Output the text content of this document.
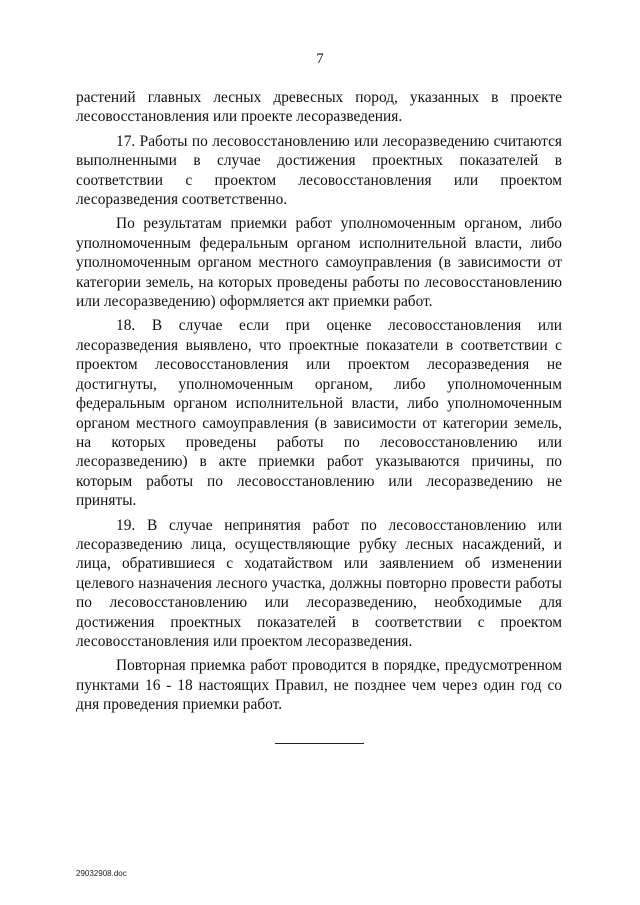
7

растений главных лесных древесных пород, указанных в проекте лесовосстановления или проекте лесоразведения.

17. Работы по лесовосстановлению или лесоразведению считаются выполненными в случае достижения проектных показателей в соответствии с проектом лесовосстановления или проектом лесоразведения соответственно.

По результатам приемки работ уполномоченным органом, либо уполномоченным федеральным органом исполнительной власти, либо уполномоченным органом местного самоуправления (в зависимости от категории земель, на которых проведены работы по лесовосстановлению или лесоразведению) оформляется акт приемки работ.

18. В случае если при оценке лесовосстановления или лесоразведения выявлено, что проектные показатели в соответствии с проектом лесовосстановления или проектом лесоразведения не достигнуты, уполномоченным органом, либо уполномоченным федеральным органом исполнительной власти, либо уполномоченным органом местного самоуправления (в зависимости от категории земель, на которых проведены работы по лесовосстановлению или лесоразведению) в акте приемки работ указываются причины, по которым работы по лесовосстановлению или лесоразведению не приняты.

19. В случае непринятия работ по лесовосстановлению или лесоразведению лица, осуществляющие рубку лесных насаждений, и лица, обратившиеся с ходатайством или заявлением об изменении целевого назначения лесного участка, должны повторно провести работы по лесовосстановлению или лесоразведению, необходимые для достижения проектных показателей в соответствии с проектом лесовосстановления или проектом лесоразведения.

Повторная приемка работ проводится в порядке, предусмотренном пунктами 16 - 18 настоящих Правил, не позднее чем через один год со дня проведения приемки работ.

29032908.doc
